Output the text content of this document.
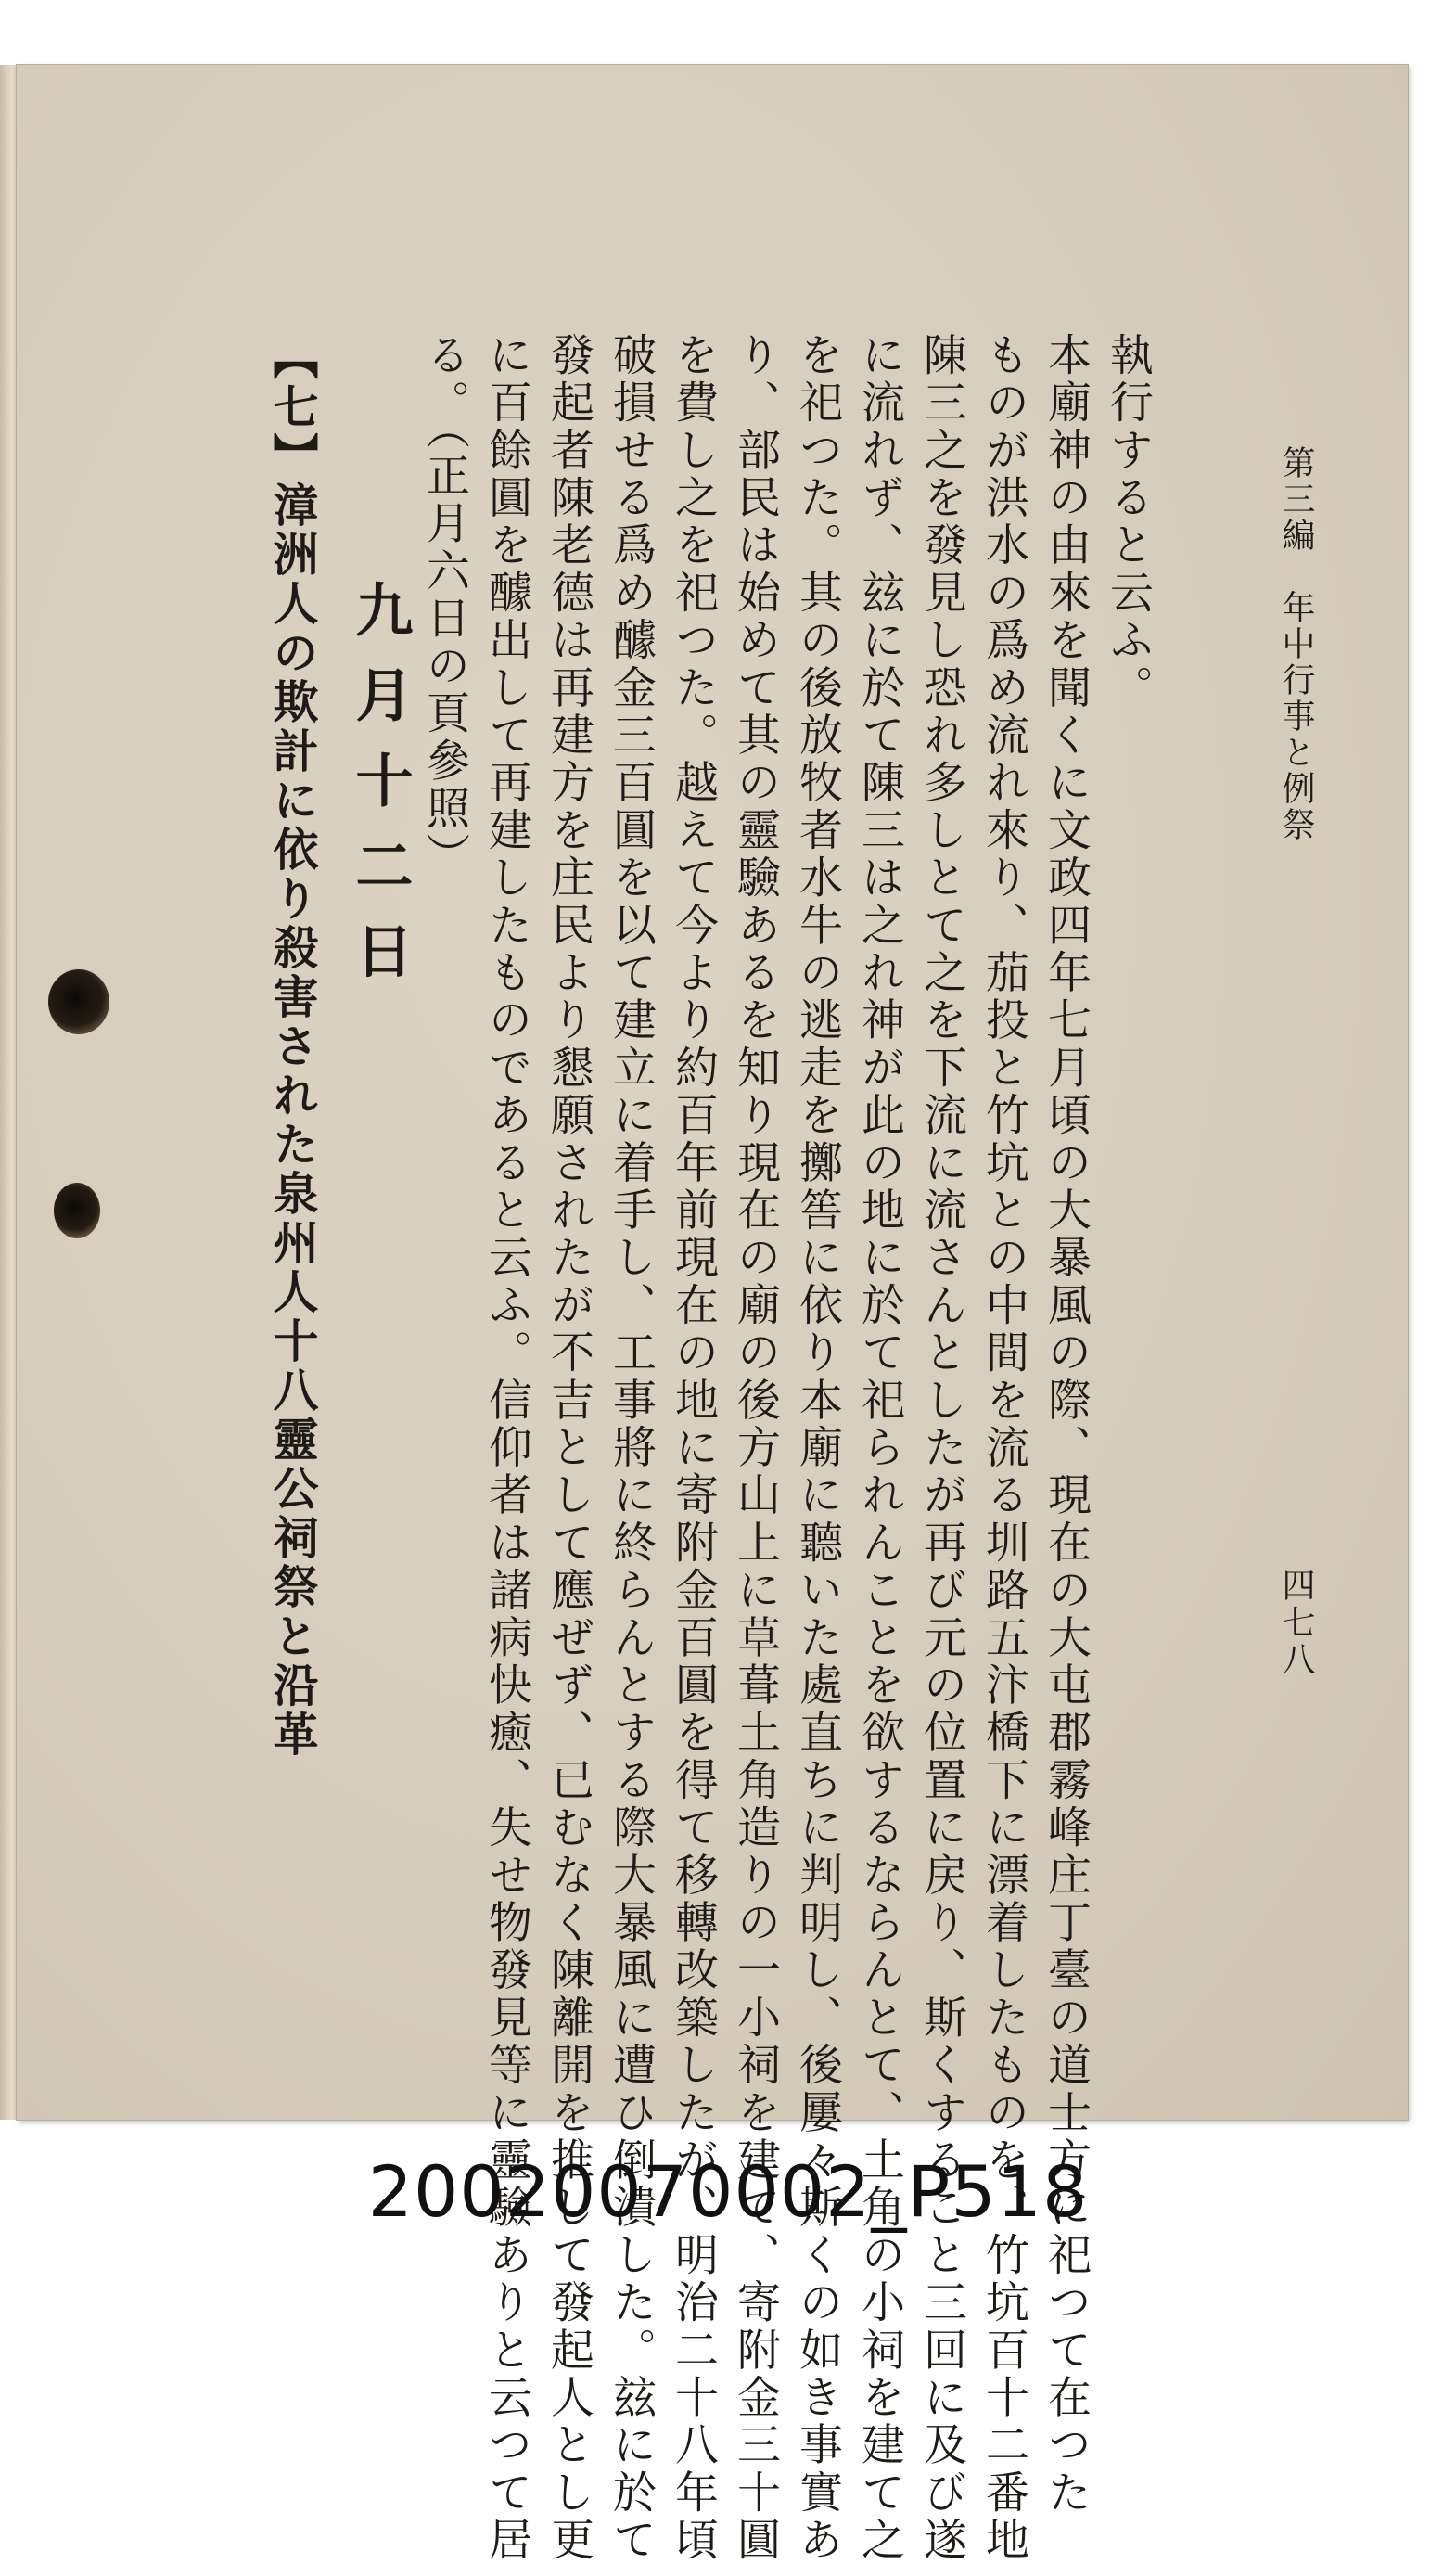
第三編　年中行事と例祭
四七八
執行すると云ふ。
本廟神の由來を聞くに文政四年七月頃の大暴風の際、現在の大屯郡霧峰庄丁臺の道士方に祀つて在つた
ものが洪水の爲め流れ來り、茄投と竹坑との中間を流る圳路五汴橋下に漂着したものを、竹坑百十二番地
陳三之を發見し恐れ多しとて之を下流に流さんとしたが再び元の位置に戻り、斯くすること三回に及び遂
に流れず、玆に於て陳三は之れ神が此の地に於て祀られんことを欲するならんとて、土角の小祠を建て之
を祀つた。其の後放牧者水牛の逃走を擲筶に依り本廟に聽いた處直ちに判明し、後屢々斯くの如き事實あ
り、部民は始めて其の靈驗あるを知り現在の廟の後方山上に草葺土角造りの一小祠を建て、寄附金三十圓
を費し之を祀つた。越えて今より約百年前現在の地に寄附金百圓を得て移轉改築したが、明治二十八年頃
破損せる爲め醵金三百圓を以て建立に着手し、工事將に終らんとする際大暴風に遭ひ倒潰した。玆に於て
發起者陳老德は再建方を庄民より懇願されたが不吉として應ぜず、已むなく陳離開を推して發起人とし更
に百餘圓を醵出して再建したものであると云ふ。信仰者は諸病快癒、失せ物發見等に靈驗ありと云つて居
る。（正月六日の頁參照）
九月十二日
【七】漳洲人の欺計に依り殺害された泉州人十八靈公祠祭と沿革
20020070002_P518
